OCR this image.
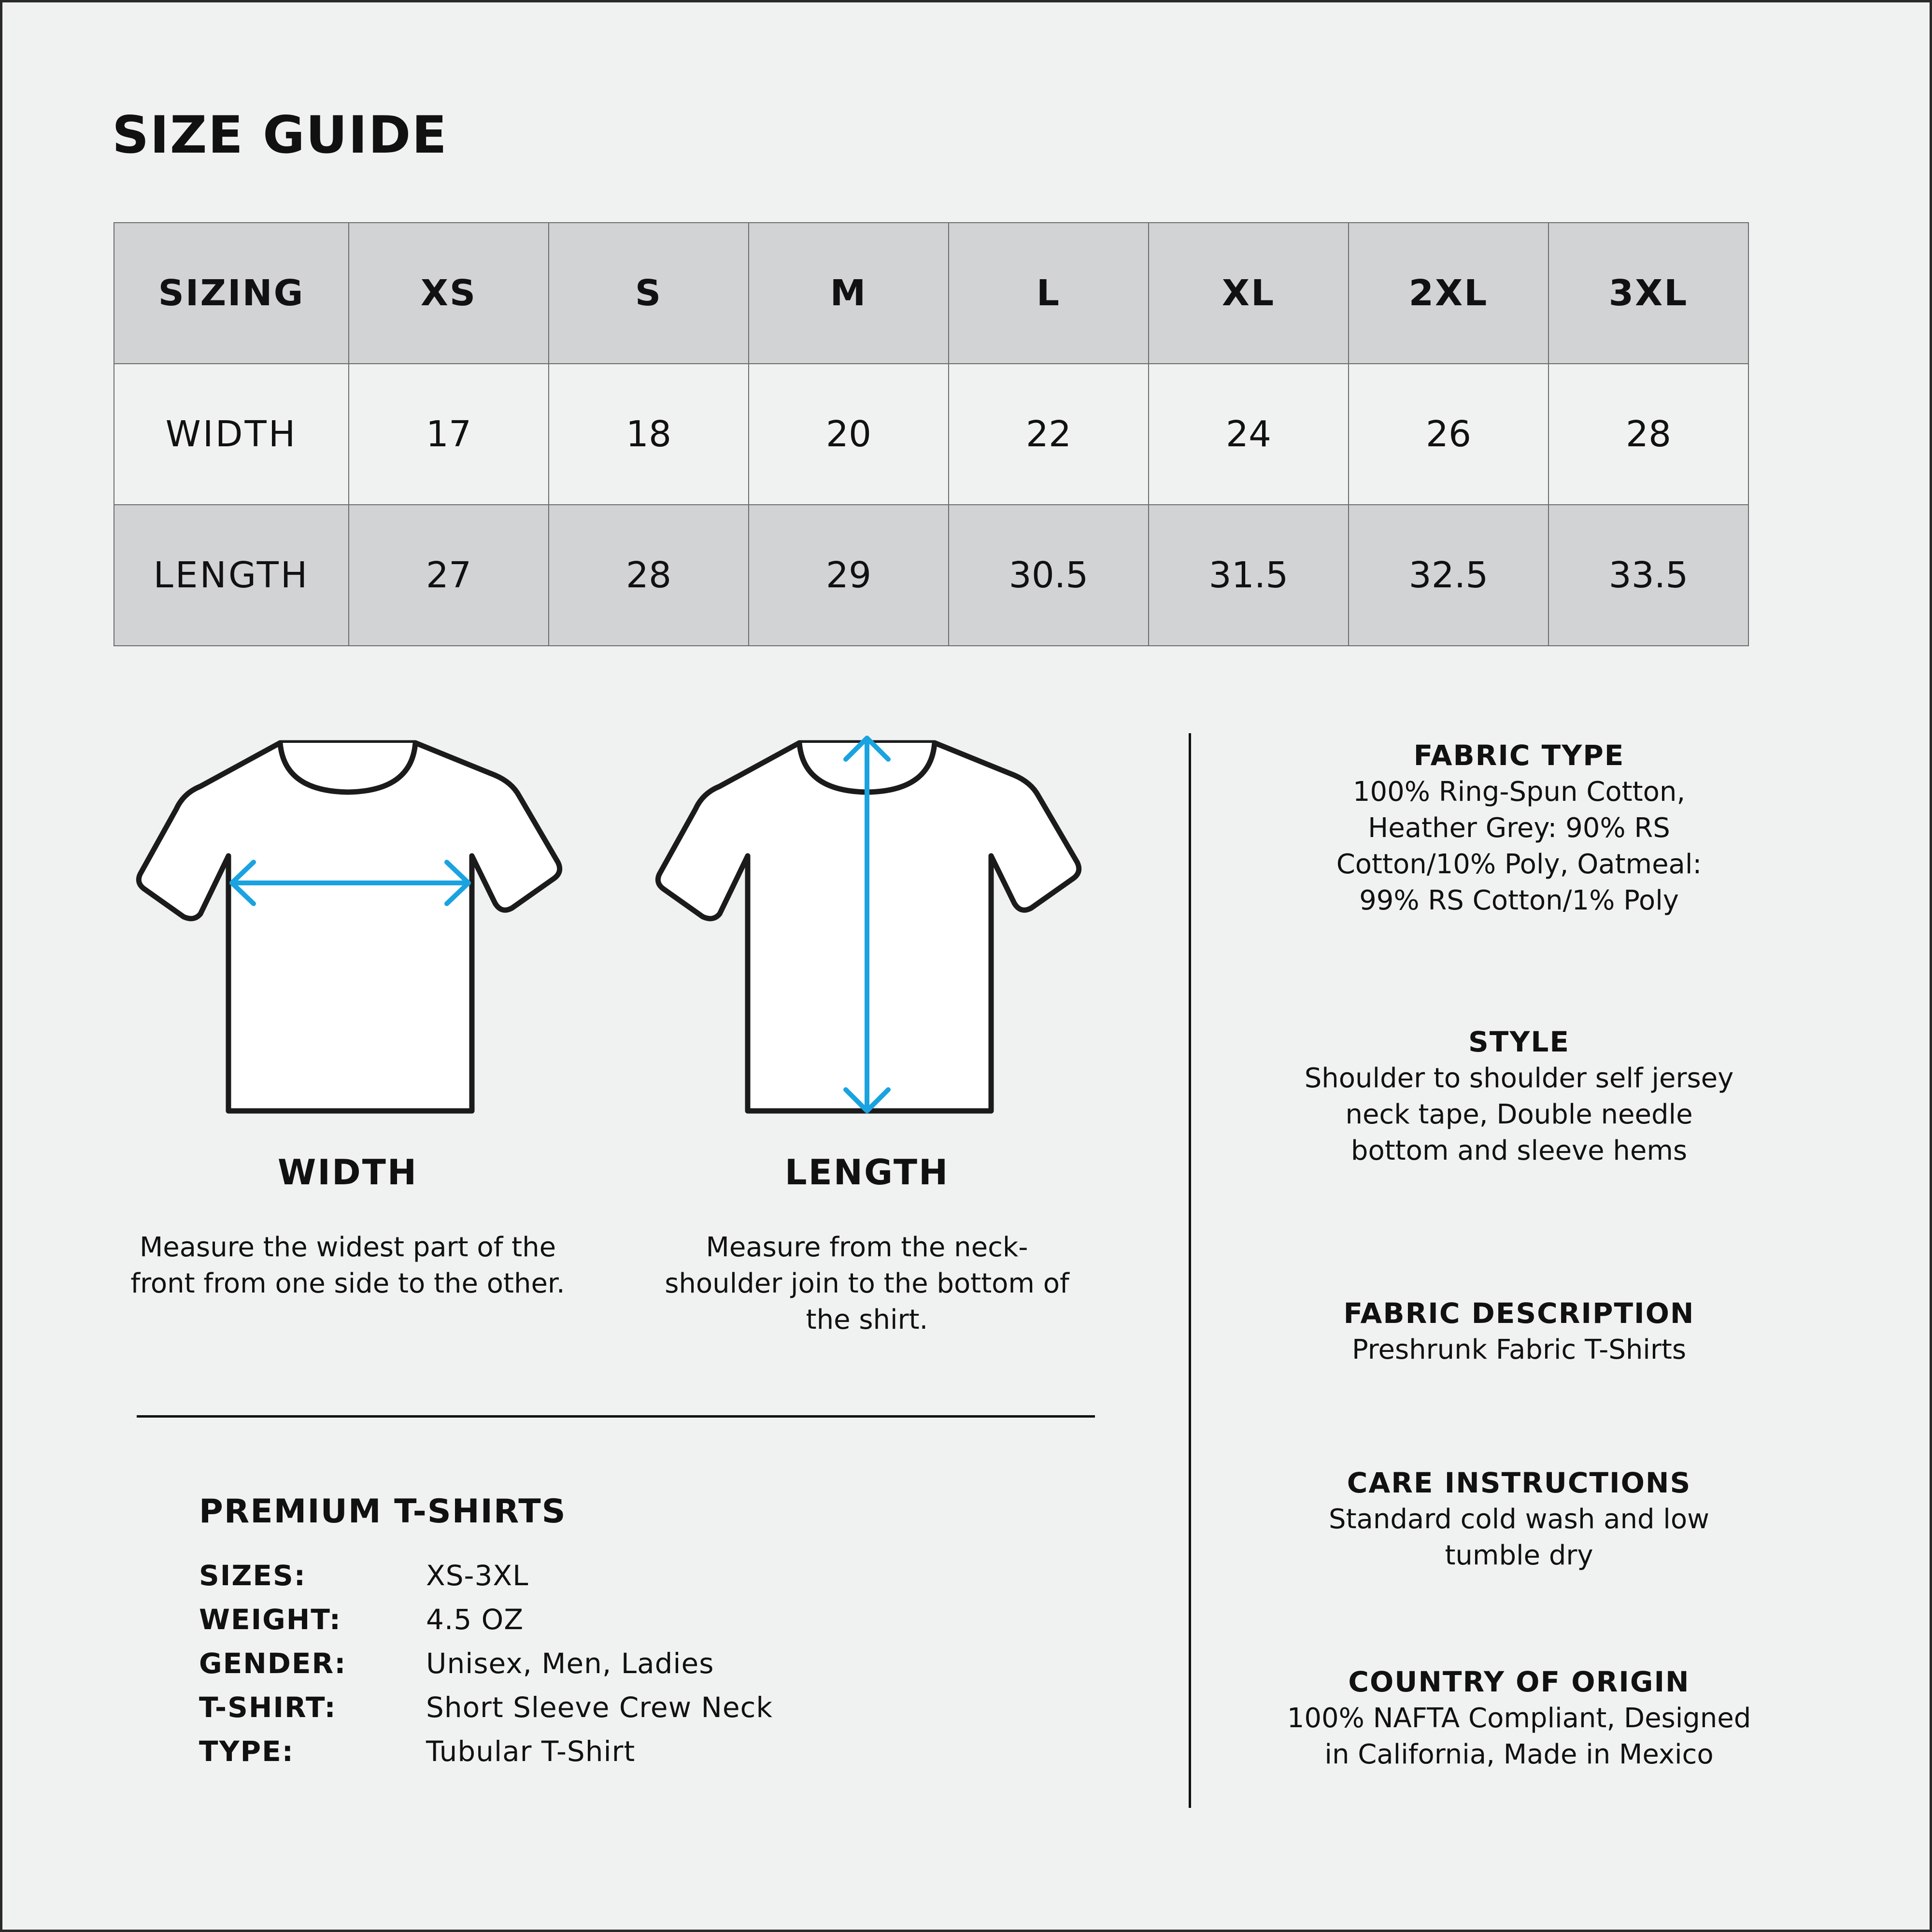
SIZE GUIDE
SIZING	XS	S	M	L	XL	2XL	3XL
WIDTH	17	18	20	22	24	26	28
LENGTH	27	28	29	30.5	31.5	32.5	33.5
WIDTH
Measure the widest part of the front from one side to the other.
LENGTH
Measure from the neck-shoulder join to the bottom of the shirt.
PREMIUM T-SHIRTS
SIZES:	XS-3XL
WEIGHT:	4.5 OZ
GENDER:	Unisex, Men, Ladies
T-SHIRT:	Short Sleeve Crew Neck
TYPE:	Tubular T-Shirt
FABRIC TYPE
100% Ring-Spun Cotton,
Heather Grey: 90% RS
Cotton/10% Poly, Oatmeal:
99% RS Cotton/1% Poly
STYLE
Shoulder to shoulder self jersey
neck tape, Double needle
bottom and sleeve hems
FABRIC DESCRIPTION
Preshrunk Fabric T-Shirts
CARE INSTRUCTIONS
Standard cold wash and low
tumble dry
COUNTRY OF ORIGIN
100% NAFTA Compliant, Designed
in California, Made in Mexico
